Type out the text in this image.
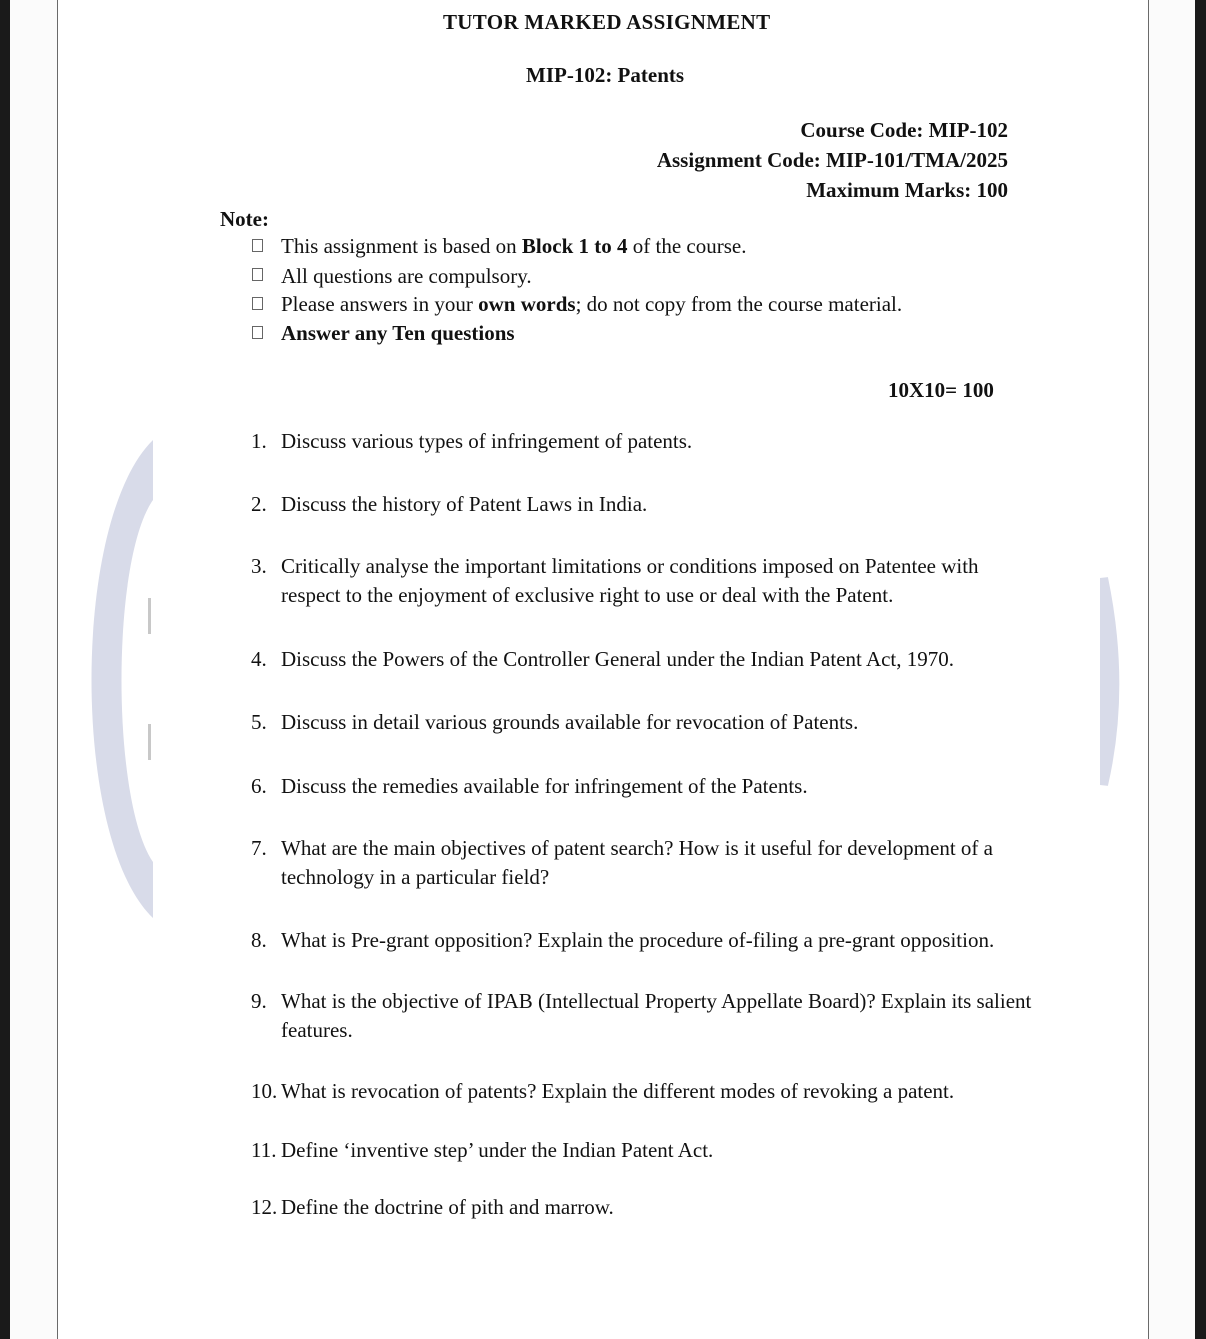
TUTOR MARKED ASSIGNMENT
MIP-102: Patents
Course Code: MIP-102
Assignment Code: MIP-101/TMA/2025
Maximum Marks: 100
Note:
This assignment is based on Block 1 to 4 of the course.
All questions are compulsory.
Please answers in your own words; do not copy from the course material.
Answer any Ten questions
10X10= 100
1. Discuss various types of infringement of patents.
2. Discuss the history of Patent Laws in India.
3. Critically analyse the important limitations or conditions imposed on Patentee with
respect to the enjoyment of exclusive right to use or deal with the Patent.
4. Discuss the Powers of the Controller General under the Indian Patent Act, 1970.
5. Discuss in detail various grounds available for revocation of Patents.
6. Discuss the remedies available for infringement of the Patents.
7. What are the main objectives of patent search? How is it useful for development of a
technology in a particular field?
8. What is Pre-grant opposition? Explain the procedure of-filing a pre-grant opposition.
9. What is the objective of IPAB (Intellectual Property Appellate Board)? Explain its salient
features.
10. What is revocation of patents? Explain the different modes of revoking a patent.
11. Define ‘inventive step’ under the Indian Patent Act.
12. Define the doctrine of pith and marrow.
